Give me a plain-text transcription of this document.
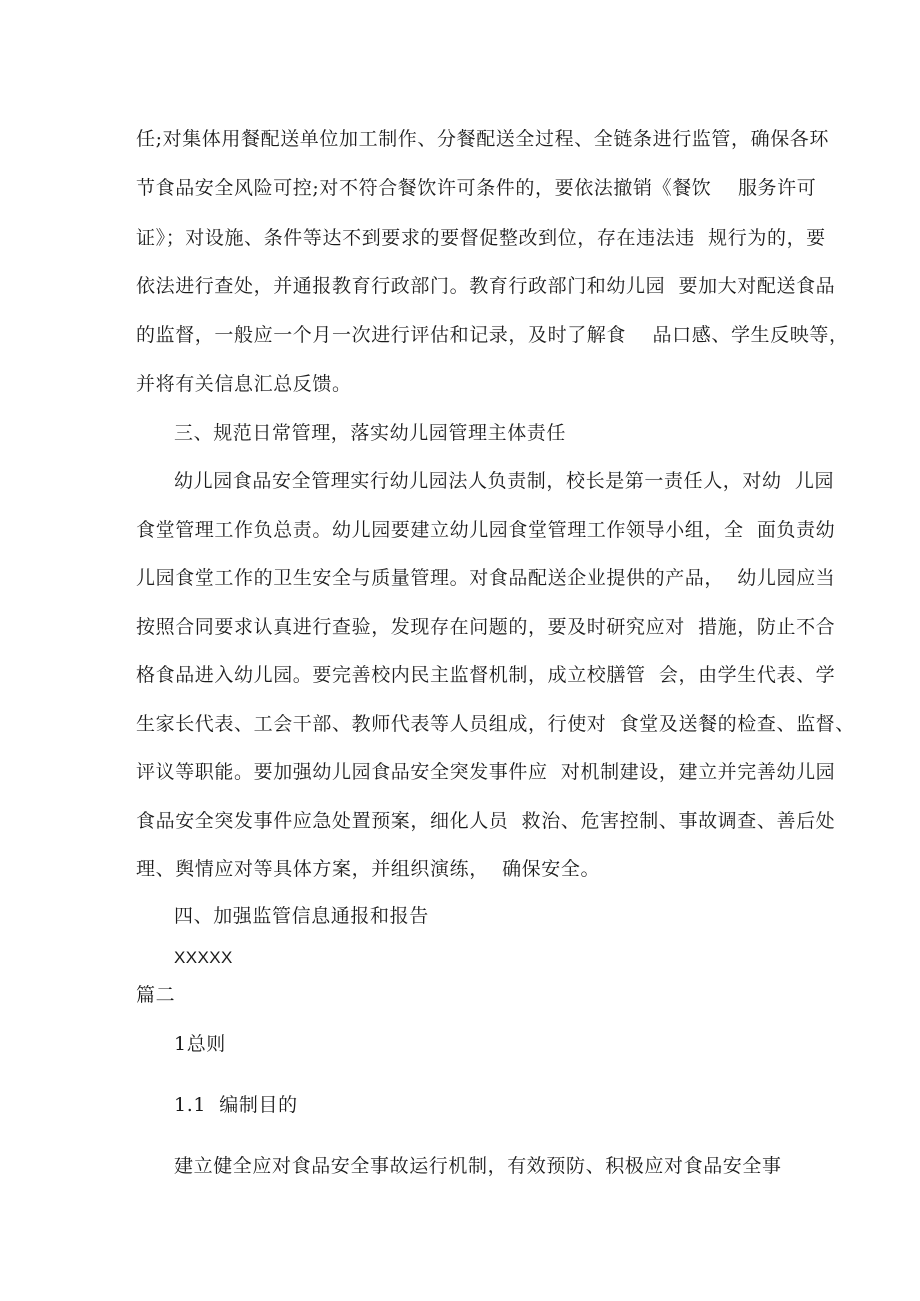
任;对集体用餐配送单位加工制作、分餐配送全过程、全链条进行监管，确保各环
节食品安全风险可控;对不符合餐饮许可条件的，要依法撤销《餐饮    服务许可
证》；对设施、条件等达不到要求的要督促整改到位，存在违法违  规行为的，要
依法进行查处，并通报教育行政部门。教育行政部门和幼儿园  要加大对配送食品
的监督，一般应一个月一次进行评估和记录，及时了解食    品口感、学生反映等，
并将有关信息汇总反馈。
三、规范日常管理，落实幼儿园管理主体责任
幼儿园食品安全管理实行幼儿园法人负责制，校长是第一责任人，对幼  儿园
食堂管理工作负总责。幼儿园要建立幼儿园食堂管理工作领导小组，全  面负责幼
儿园食堂工作的卫生安全与质量管理。对食品配送企业提供的产品，  幼儿园应当
按照合同要求认真进行查验，发现存在问题的，要及时研究应对  措施，防止不合
格食品进入幼儿园。要完善校内民主监督机制，成立校膳管  会，由学生代表、学
生家长代表、工会干部、教师代表等人员组成，行使对  食堂及送餐的检查、监督、
评议等职能。要加强幼儿园食品安全突发事件应  对机制建设，建立并完善幼儿园
食品安全突发事件应急处置预案，细化人员  救治、危害控制、事故调查、善后处
理、舆情应对等具体方案，并组织演练，  确保安全。
四、加强监管信息通报和报告
XXXXX
篇二
1总则
1.1  编制目的
建立健全应对食品安全事故运行机制，有效预防、积极应对食品安全事
